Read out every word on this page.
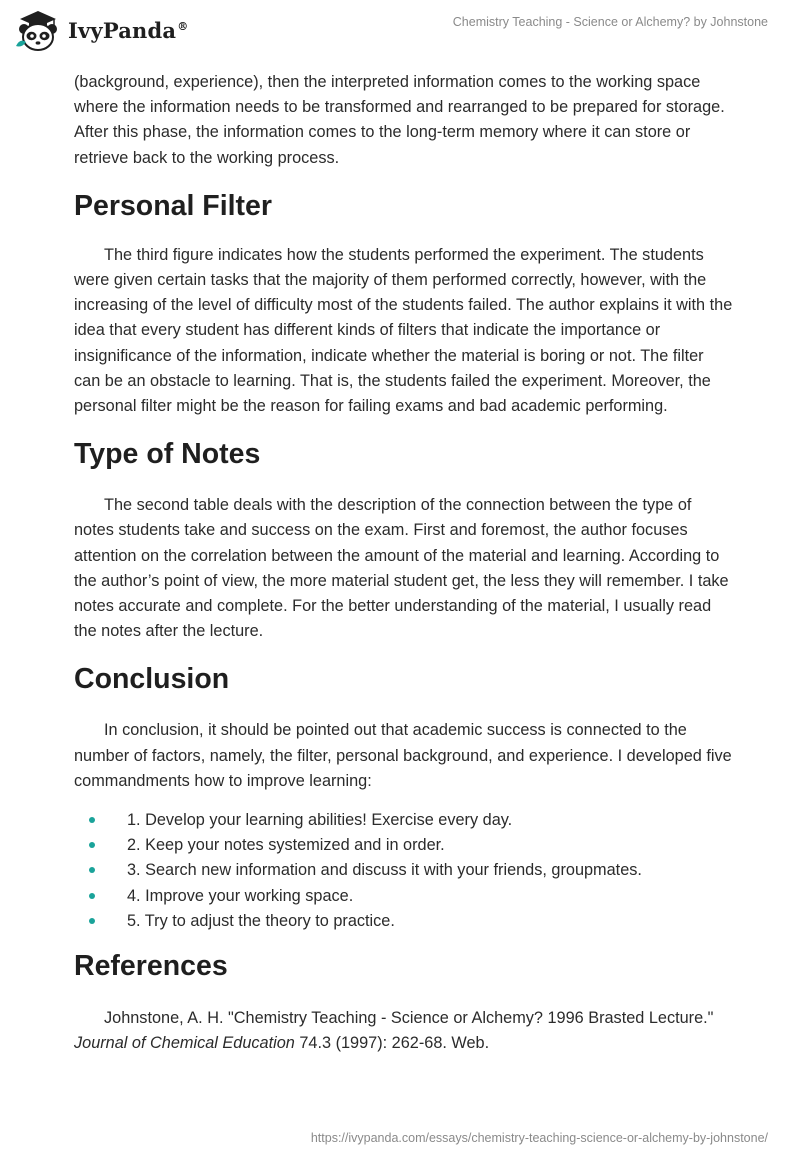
IvyPanda®	Chemistry Teaching - Science or Alchemy? by Johnstone

(background, experience), then the interpreted information comes to the working space where the information needs to be transformed and rearranged to be prepared for storage. After this phase, the information comes to the long-term memory where it can store or retrieve back to the working process.

Personal Filter

The third figure indicates how the students performed the experiment. The students were given certain tasks that the majority of them performed correctly, however, with the increasing of the level of difficulty most of the students failed. The author explains it with the idea that every student has different kinds of filters that indicate the importance or insignificance of the information, indicate whether the material is boring or not. The filter can be an obstacle to learning. That is, the students failed the experiment. Moreover, the personal filter might be the reason for failing exams and bad academic performing.

Type of Notes

The second table deals with the description of the connection between the type of notes students take and success on the exam. First and foremost, the author focuses attention on the correlation between the amount of the material and learning. According to the author’s point of view, the more material student get, the less they will remember. I take notes accurate and complete. For the better understanding of the material, I usually read the notes after the lecture.

Conclusion

In conclusion, it should be pointed out that academic success is connected to the number of factors, namely, the filter, personal background, and experience. I developed five commandments how to improve learning:

1. Develop your learning abilities! Exercise every day.
2. Keep your notes systemized and in order.
3. Search new information and discuss it with your friends, groupmates.
4. Improve your working space.
5. Try to adjust the theory to practice.
References

Johnstone, A. H. "Chemistry Teaching - Science or Alchemy? 1996 Brasted Lecture." Journal of Chemical Education 74.3 (1997): 262-68. Web.

https://ivypanda.com/essays/chemistry-teaching-science-or-alchemy-by-johnstone/
